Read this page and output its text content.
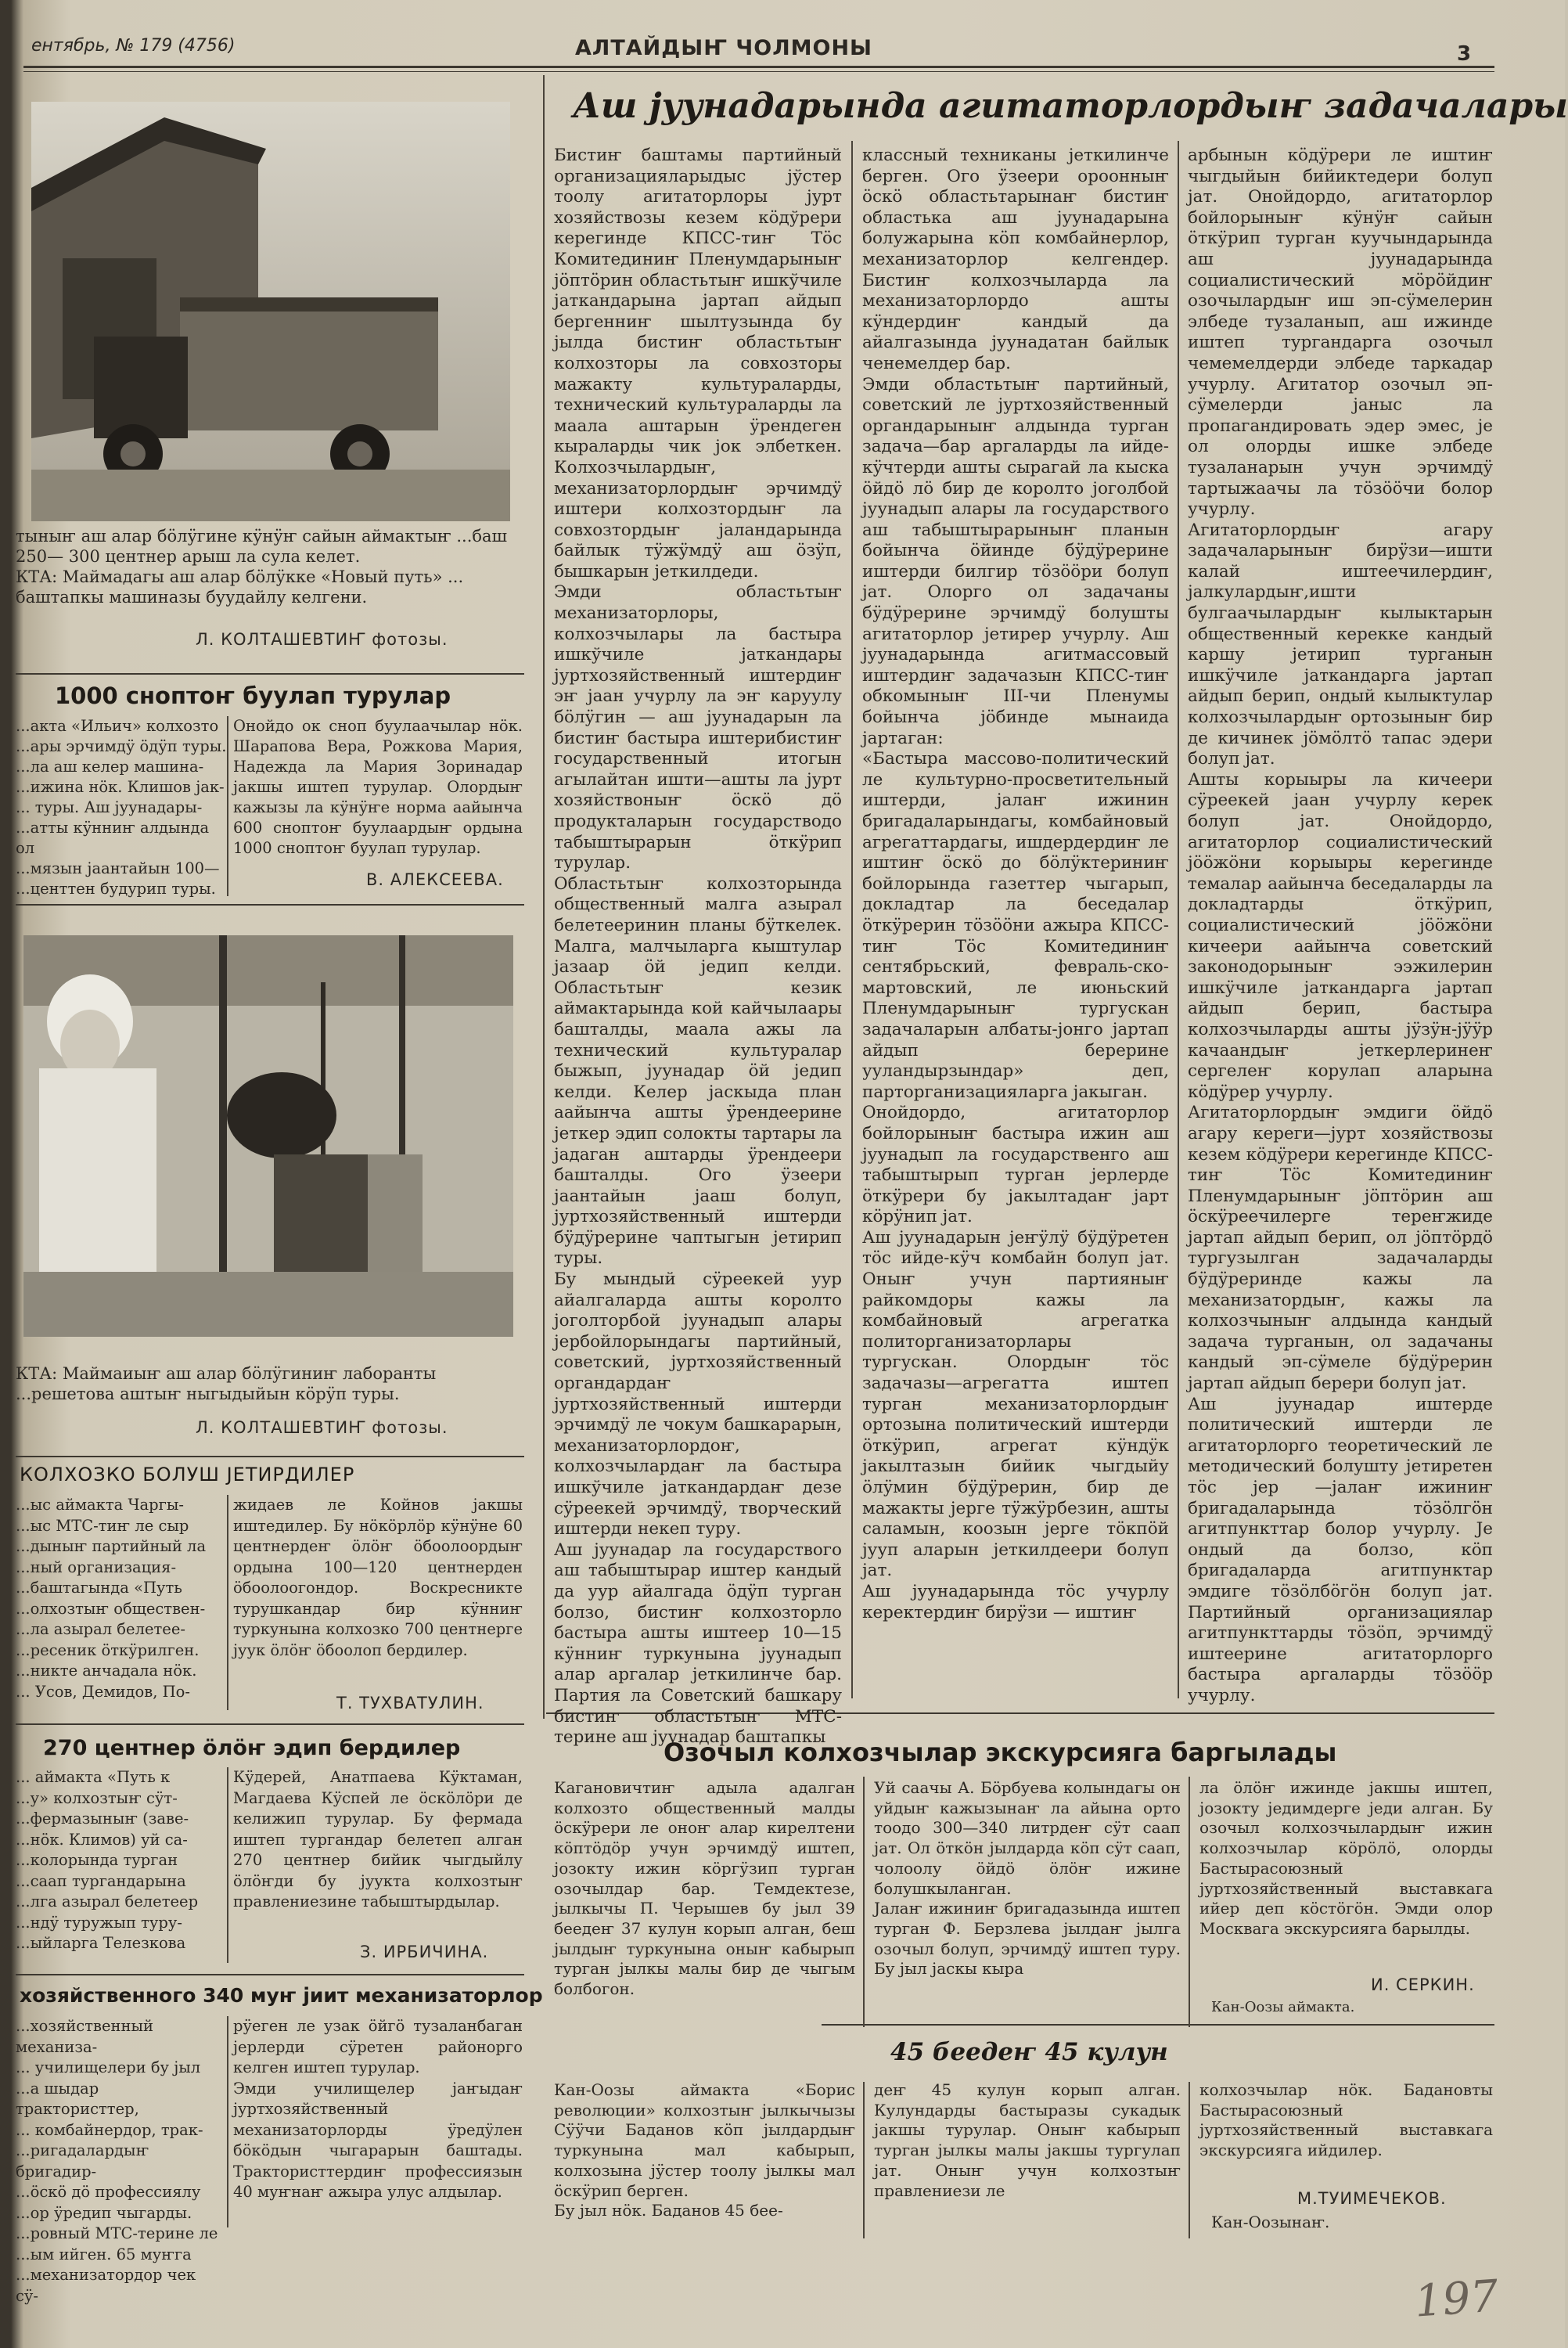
ентябрь, № 179 (4756)	АЛТАЙДЫҤ ЧОЛМОНЫ	3
Аш јуунадарында агитаторлордыҥ задачалары
Бистиҥ баштамы партийный организацияларыдыс јўстер тоолу агитаторлоры јурт хозяйствозы кезем кӧдўрери керегинде КПСС-тиҥ Тӧс Комитединиҥ Пленумдарыныҥ јӧптӧрин областьтыҥ ишкўчиле јаткандарына јартап айдып бергенниҥ шылтузында бу јылда бистиҥ областьтыҥ колхозторы ла совхозторы мажакту культураларды, технический культураларды ла маала аштарын ӱрендеген кыраларды чик јок элбеткен. Колхозчылардыҥ, механизаторлордыҥ эрчимдӱ иштери колхозтордыҥ ла совхозтордыҥ јаландарында байлык тӱжӱмдӱ аш ӧзӱп, бышкарын јеткилдеди.
Эмди областьтыҥ механизаторлоры, колхозчылары ла бастыра ишкўчиле јаткандары јуртхозяйственный иштердиҥ эҥ јаан учурлу ла эҥ каруулу бӧлӱгин — аш јуунадарын ла бистиҥ бастыра иштерибистиҥ государственный итогын агылайтан ишти—ашты ла јурт хозяйствоныҥ ӧскӧ дӧ продукталарын государстводо табыштырарын ӧткӱрип турулар.
Областьтыҥ колхозторында общественный малга азырал белетееринин планы бӱткелек. Малга, малчыларга кыштулар јазаар ӧй једип келди. Областьтыҥ кезик аймактарында кой кайчылаары башталды, маала ажы ла технический культуралар быжып, јуунадар ӧй једип келди. Келер јаскыда план аайынча ашты ӱрендеерине јеткер эдип солокты тартары ла јадаган аштарды ӱрендеери башталды. Ого ӱзеери јаантайын јааш болуп, јуртхозяйственный иштерди бӱдӱрерине чаптыгын јетирип туры.
Бу мындый сӱреекей уур айалгаларда ашты королто јоголторбой јуунадып алары јербойлорындагы партийный, советский, јуртхозяйственный органдардаҥ јуртхозяйственный иштерди эрчимдӱ ле чокум башкарарын, механизаторлордоҥ, колхозчылардаҥ ла бастыра ишкўчиле јаткандардаҥ дезе сӱреекей эрчимдӱ, творческий иштерди некеп туру.
Аш јуунадар ла государствого аш табыштырар иштер кандый да уур айалгада ӧдӱп турган болзо, бистиҥ колхозторло бастыра ашты иштеер 10—15 кӱнниҥ туркунына јуунадып алар аргалар јеткилинче бар. Партия ла Советский башкару бистиҥ областьтыҥ МТС-терине аш јуунадар баштапкы
классный техниканы јеткилинче берген. Ого ӱзеери ороонныҥ ӧскӧ областьтарынаҥ бистиҥ областька аш јуунадарына болужарына кӧп комбайнерлор, механизаторлор келгендер. Бистиҥ колхозчыларда ла механизаторлордо ашты кӱндердиҥ кандый да айалгазында јуунадатан байлык ченемелдер бар.
Эмди областьтыҥ партийный, советский ле јуртхозяйственный органдарыныҥ алдында турган задача—бар аргаларды ла ийде-кӱчтерди ашты сырагай ла кыска ӧйдӧ лӧ бир де королто јоголбой јуунадып алары ла государствого аш табыштырарыныҥ планын бойынча ӧйинде бӱдӱрерине иштерди билгир тӧзӧӧри болуп јат. Олорго ол задачаны бӱдӱрерине эрчимдӱ болушты агитаторлор јетирер учурлу. Аш јуунадарында агитмассовый иштердиҥ задачазын КПСС-тиҥ обкомыныҥ III-чи Пленумы бойынча јӧбинде мынаида јартаган:
«Бастыра массово-политический ле культурно-просветительный иштерди, јалаҥ ижинин бригадаларындагы, комбайновый агрегаттардагы, ишдердердиҥ ле иштиҥ ӧскӧ до бӧлӱктериниҥ бойлорында газеттер чыгарып, докладтар ла беседалар ӧткӱрерин тӧзӧӧни ажыра КПСС-тиҥ Тӧс Комитединиҥ сентябрьский, февраль-ско-мартовский, ле июньский Пленумдарыныҥ тургускан задачаларын албаты-јонго јартап айдып берерине ууландырзындар» деп, парторганизацияларга јакыган.
Онойдордо, агитаторлор бойлорыныҥ бастыра ижин аш јуунадып ла государственго аш табыштырып турган јерлерде ӧткӱрери бу јакылтадаҥ јарт кӧрӱнип јат.
Аш јуунадарын јеҥӱлӱ бӱдӱретен тӧс ийде-кӱч комбайн болуп јат. Оныҥ учун партияныҥ райкомдоры кажы ла комбайновый агрегатка политорганизаторлары тургускан. Олордыҥ тӧс задачазы—агрегатта иштеп турган механизаторлордыҥ ортозына политический иштерди ӧткӱрип, агрегат кӱндӱк јакылтазын бийик чыгдыйу ӧлӱмин бӱдӱрерин, бир де мажакты јерге тӱжӱрбезин, ашты саламын, коозын јерге тӧкпӧй јууп аларын јеткилдеери болуп јат.
Аш јуунадарында тӧс учурлу керектердиҥ бирӱзи — иштиҥ
арбынын кӧдӱрери ле иштиҥ чыгдыйын бийиктедери болуп јат. Онойдордо, агитаторлор бойлорыныҥ кӱнӱҥ сайын ӧткӱрип турган куучындарында аш јуунадарында социалистический мӧрӧйдиҥ озочылардыҥ иш эп-сӱмелерин элбеде тузаланып, аш ижинде иштеп тургандарга озочыл чемемелдерди элбеде таркадар учурлу. Агитатор озочыл эп-сӱмелерди јаныс ла пропагандировать эдер эмес, је ол олорды ишке элбеде тузаланарын учун эрчимдӱ тартыжаачы ла тӧзӧӧчи болор учурлу.
Агитаторлордыҥ агару задачаларыныҥ бирӱзи—ишти калай иштеечилердиҥ, јалкулардыҥ,ишти булгаачылардыҥ кылыктарын общественный керекке кандый каршу јетирип турганын ишкӱчиле јаткандарга јартап айдып берип, ондый кылыктулар колхозчылардыҥ ортозыныҥ бир де кичинек јӧмӧлтӧ тапас эдери болуп јат.
Ашты корыыры ла кичеери сӱреекей јаан учурлу керек болуп јат. Онойдордо, агитаторлор социалистический јӧӧжӧни корыыры керегинде темалар аайынча беседаларды ла докладтарды ӧткӱрип, социалистический јӧӧжӧни кичеери аайынча советский законодорыныҥ ээжилерин ишкӱчиле јаткандарга јартап айдып берип, бастыра колхозчыларды ашты јӱзӱн-јӱӱр качаандыҥ јеткерлеринеҥ сергелеҥ корулап аларына кӧдӱрер учурлу.
Агитаторлордыҥ эмдиги ӧйдӧ агару кереги—јурт хозяйствозы кезем кӧдӱрери керегинде КПСС-тиҥ Тӧс Комитединиҥ Пленумдарыныҥ јӧптӧрин аш ӧскӱреечилерге тереҥжиде јартап айдып берип, ол јӧптӧрдӧ тургузылган задачаларды бӱдӱреринде кажы ла механизатордыҥ, кажы ла колхозчыныҥ алдында кандый задача турганын, ол задачаны кандый эп-сӱмеле бӱдӱрерин јартап айдып берери болуп јат.
Аш јуунадар иштерде политический иштерди ле агитаторлорго теоретический ле методический болушту јетиретен тӧс јер —јалаҥ ижиниҥ бригадаларында тӧзӧлгӧн агитпункттар болор учурлу. Је ондый да болзо, кӧп бригадаларда агитпунктар эмдиге тӧзӧлбӧгӧн болуп јат. Партийный организациялар агитпункттарды тӧзӧп, эрчимдӱ иштеерине агитаторлорго бастыра аргаларды тӧзӧӧр учурлу.
тыныҥ аш алар бӧлӱгине кӱнӱҥ сайын аймактыҥ ...баш 250— 300 центнер арыш ла сула келет.
КТА: Маймадагы аш алар бӧлӱкке «Новый путь» ... баштапкы машиназы буудайлу келгени.
Л. КОЛТАШЕВТИҤ фотозы.
1000 сноптоҥ буулап турулар
...акта «Ильич» колхозто
...ары эрчимдӱ ӧдӱп туры.
...ла аш келер машина-
...ижина нӧк. Клишов јак-
... туры. Аш јуунадары-
...атты кӱнниҥ алдында ол
...мязын јаантайын 100—
...центтен будурип туры.
Онойдо ок сноп буулаачылар нӧк. Шарапова Вера, Рожкова Мария, Надежда ла Мария Зоринадар јакшы иштеп турулар. Олордыҥ кажызы ла кӱнӱҥе норма аайынча 600 сноптоҥ буулаардыҥ ордына 1000 сноптоҥ буулап турулар.
В. АЛЕКСЕЕВА.
КТА: Маймаиыҥ аш алар бӧлӱгиниҥ лаборанты ...решетова аштыҥ ныгыдыйын кӧрӱп туры.
Л. КОЛТАШЕВТИҤ фотозы.
КОЛХОЗКО БОЛУШ ЈЕТИРДИЛЕР
...ыс аймакта Чаргы-
...ыс МТС-тиҥ ле сыр
...дыныҥ партийный ла
...ный организация-
...баштагында «Путь
...олхозтыҥ обществен-
...ла азырал белетее-
...ресеник ӧткӱрилген.
...никте анчадала нӧк.
... Усов, Демидов, По-
жидаев ле Койнов јакшы иштедилер. Бу нӧкӧрлӧр кӱнӱне 60 центнердеҥ ӧлӧҥ ӧбоолоордыҥ ордына 100—120 центнерден ӧбоолоогондор. Воскресникте турушкандар бир кӱнниҥ туркунына колхозко 700 центнерге јуук ӧлӧҥ ӧбоолоп бердилер.
Т. ТУХВАТУЛИН.
270 центнер ӧлӧҥ эдип бердилер
... аймакта «Путь к
...у» колхозтыҥ сӱт-
...фермазыныҥ (заве-
...нӧк. Климов) уй са-
...колорында турган
...саап тургандарына
...лга азырал белетеер
...ндӱ туружып туру-
...ыйларга Телезкова
Кӱдерей, Анатпаева Кӱктаман, Магдаева Кӱспей ле ӧскӧлӧри де келижип турулар. Бу фермада иштеп тургандар белетеп алган 270 центнер бийик чыгдыйлу ӧлӧҥди бу јуукта колхозтыҥ правлениезине табыштырдылар.
З. ИРБИЧИНА.
хозяйственного 340 муҥ јиит механизаторлор
...хозяйственный механиза-
... училищелери бу јыл
...а шыдар трактористтер,
... комбайнердор, трак-
...ригадалардыҥ бригадир-
...ӧскӧ дӧ профессиялу
...ор ӱредип чыгарды.
...ровный МТС-терине ле
...ым ийген. 65 муҥга
...механизатордор чек сӱ-
рӱеген ле узак ӧйгӧ тузаланбаган јерлерди сӱретен районорго келген иштеп турулар.
Эмди училищелер јаҥыдаҥ јуртхозяйственный механизаторлорды ӱредӱлен бӧкӧдын чыгарарын баштады. Трактористтердиҥ профессиязын 40 муҥнаҥ ажыра улус алдылар.
Озочыл колхозчылар экскурсияга баргылады
Кагановичтиҥ адыла адалган колхозто общественный малды ӧскӱрери ле оноҥ алар кирелтени кӧптӧдӧр учун эрчимдӱ иштеп, јозокту ижин кӧргӱзип турган озочылдар бар. Темдектезе, јылкычы П. Черышев бу јыл 39 беедеҥ 37 кулун корып алган, беш јылдыҥ туркунына оныҥ кабырып турган јылкы малы бир де чыгым болбогон.
Уй саачы А. Бӧрбуева колындагы он уйдыҥ кажызынаҥ ла айына орто тоодо 300—340 литрдеҥ сӱт саап јат. Ол ӧткӧн јылдарда кӧп сӱт саап, чолоолу ӧйдӧ ӧлӧҥ ижине болушкыланган.
Јалаҥ ижиниҥ бригадазында иштеп турган Ф. Берзлева јылдаҥ јылга озочыл болуп, эрчимдӱ иштеп туру. Бу јыл јаскы кыра
ла ӧлӧҥ ижинде јакшы иштеп, јозокту једимдерге једи алган. Бу озочыл колхозчылардыҥ ижин колхозчылар кӧрӧлӧ, олорды Бастырасоюзный јуртхозяйственный выставкага ийер деп кӧстӧгӧн. Эмди олор Москвага экскурсияга барылды.
И. СЕРКИН.
Кан-Оозы аймакта.
45 беедеҥ 45 кулун
Кан-Оозы аймакта «Борис революции» колхозтыҥ јылкычызы Сӱӱчи Баданов кӧп јылдардыҥ туркунына мал кабырып, колхозына јӱстер тоолу јылкы мал ӧскӱрип берген.
Бу јыл нӧк. Баданов 45 бее-
деҥ 45 кулун корып алган. Кулундарды бастыразы сукадык јакшы турулар. Оныҥ кабырып турган јылкы малы јакшы тургулап јат. Оныҥ учун колхозтыҥ правлениези ле
колхозчылар нӧк. Бадановты Бастырасоюзный јуртхозяйственный выставкага экскурсияга ийдилер.
М.ТУИМЕЧЕКОВ.
Кан-Оозынаҥ.
197
